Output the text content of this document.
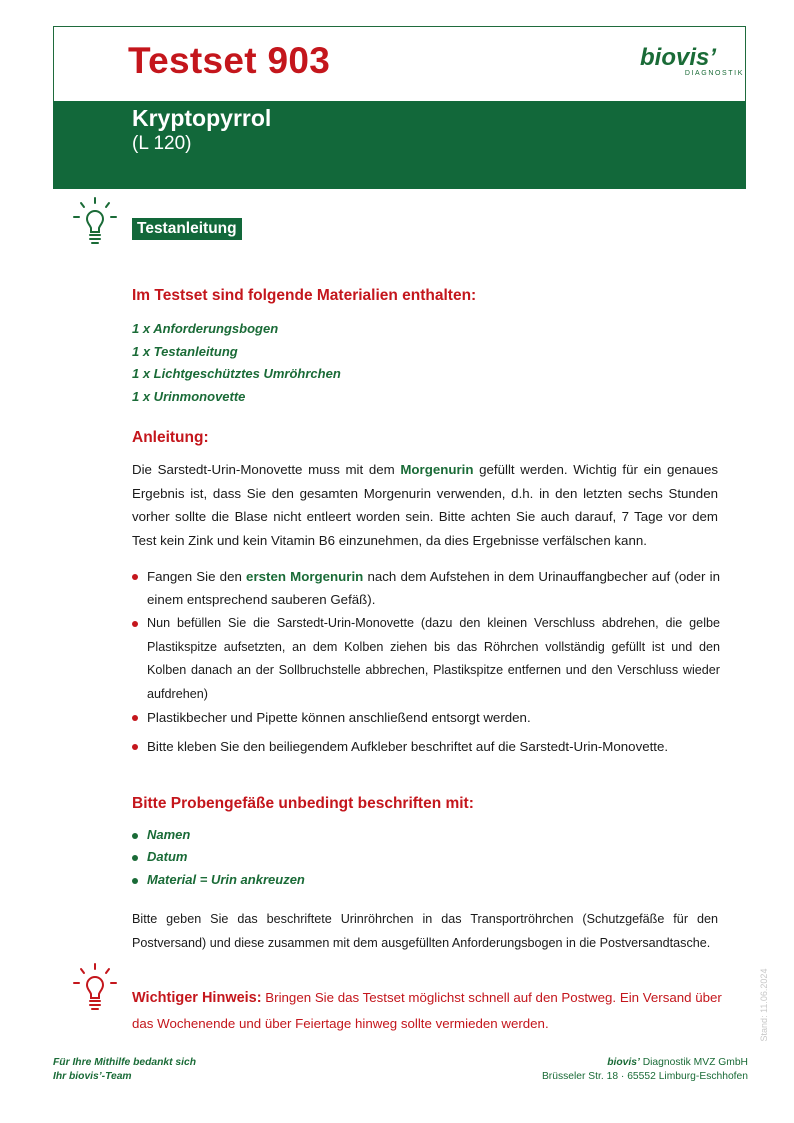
Testset 903	biovis’
DIAGNOSTIK
Kryptopyrrol
(L 120)
Testanleitung
Im Testset sind folgende Materialien enthalten:

1 x Anforderungsbogen

1 x Testanleitung

1 x Lichtgeschütztes Umröhrchen

1 x Urinmonovette

Anleitung:

Die Sarstedt-Urin-Monovette muss mit dem Morgenurin gefüllt werden. Wichtig für ein genaues Ergebnis ist, dass Sie den gesamten Morgenurin verwenden, d.h. in den letzten sechs Stunden vorher sollte die Blase nicht entleert worden sein. Bitte achten Sie auch darauf, 7 Tage vor dem Test kein Zink und kein Vitamin B6 einzunehmen, da dies Ergebnisse verfälschen kann.

Fangen Sie den ersten Morgenurin nach dem Aufstehen in dem Urinauffangbecher auf (oder in einem entsprechend sauberen Gefäß).
Nun befüllen Sie die Sarstedt-Urin-Monovette (dazu den kleinen Verschluss abdrehen, die gelbe Plastikspitze aufsetzten, an dem Kolben ziehen bis das Röhrchen vollständig gefüllt ist und den Kolben danach an der Sollbruchstelle abbrechen, Plastikspitze entfernen und den Verschluss wieder aufdrehen)
Plastikbecher und Pipette können anschließend entsorgt werden.
Bitte kleben Sie den beiliegendem Aufkleber beschriftet auf die Sarstedt-Urin-Monovette.
Bitte Probengefäße unbedingt beschriften mit:
Namen
Datum
Material = Urin ankreuzen

Bitte geben Sie das beschriftete Urinröhrchen in das Transportröhrchen (Schutzgefäße für den Postversand) und diese zusammen mit dem ausgefüllten Anforderungsbogen in die Postversandtasche.

Wichtiger Hinweis: Bringen Sie das Testset möglichst schnell auf den Postweg. Ein Versand über das Wochenende und über Feiertage hinweg sollte vermieden werden.	Stand: 11.06.2024
Für Ihre Mithilfe bedankt sich
Ihr biovis’-Team
biovis’ Diagnostik MVZ GmbH
Brüsseler Str. 18 · 65552 Limburg-Eschhofen
